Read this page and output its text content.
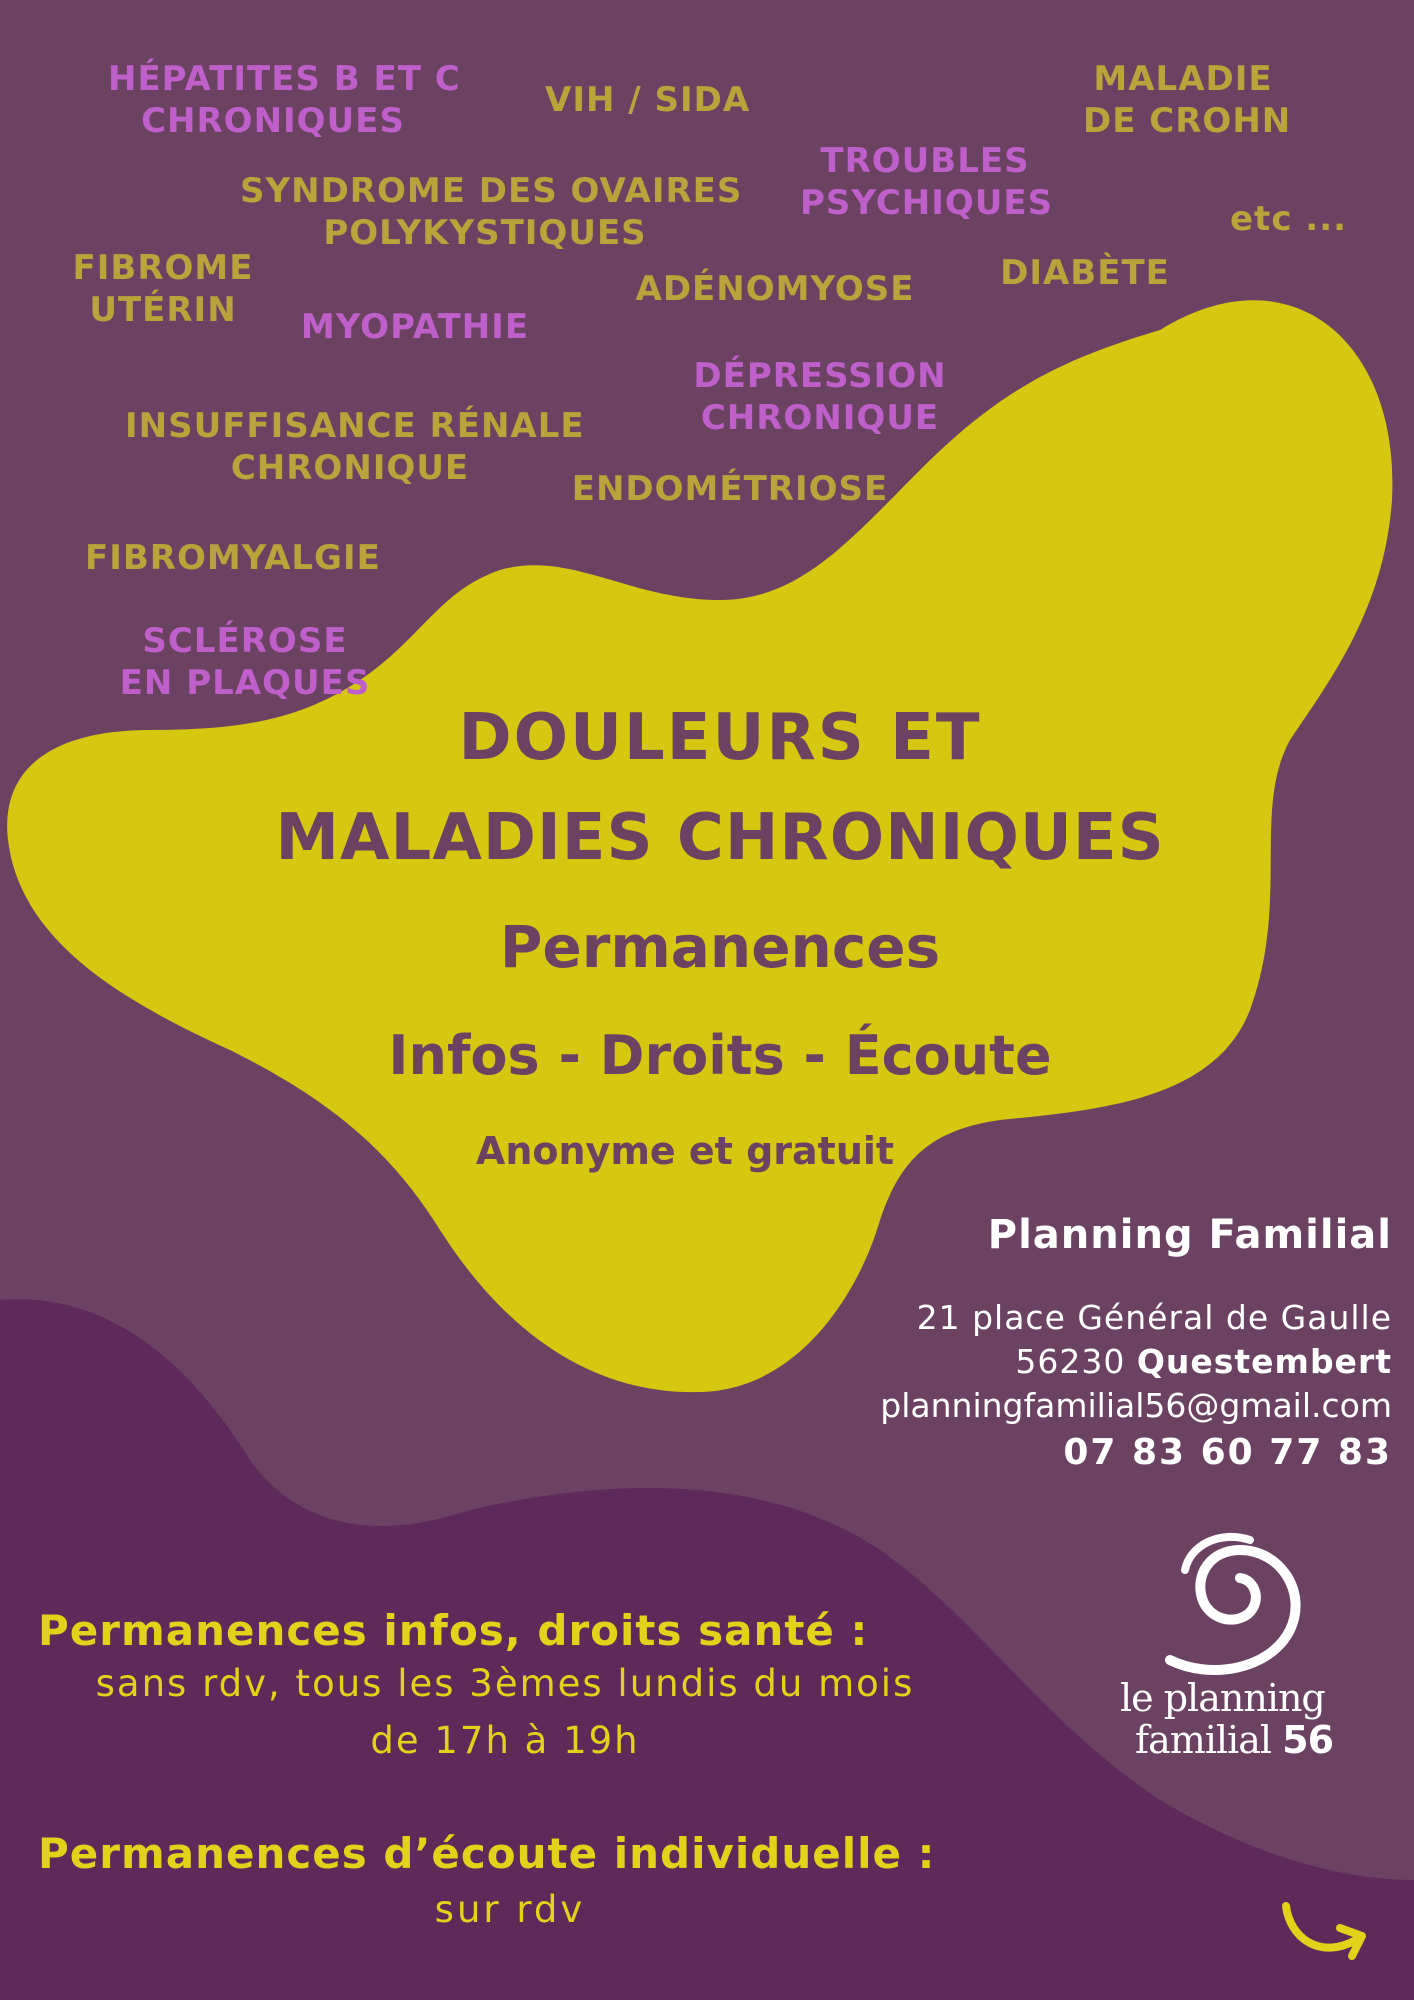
HÉPATITES B ET C
CHRONIQUES
VIH / SIDA
MALADIE
DE CROHN
TROUBLES
PSYCHIQUES
SYNDROME DES OVAIRES
POLYKYSTIQUES	etc ...
FIBROME
UTÉRIN
ADÉNOMYOSE	DIABÈTE
MYOPATHIE
DÉPRESSION
CHRONIQUE
INSUFFISANCE RÉNALE
CHRONIQUE
ENDOMÉTRIOSE
FIBROMYALGIE
SCLÉROSE
EN PLAQUES
DOULEURS ET
MALADIES CHRONIQUES
Permanences
Infos - Droits - Écoute
Anonyme et gratuit
Planning Familial
21 place Général de Gaulle
56230 Questembert
planningfamilial56@gmail.com
07 83 60 77 83
Permanences infos, droits santé :
sans rdv, tous les 3èmes lundis du mois
de 17h à 19h
Permanences d’écoute individuelle :
sur rdv
le planning
familial 56
